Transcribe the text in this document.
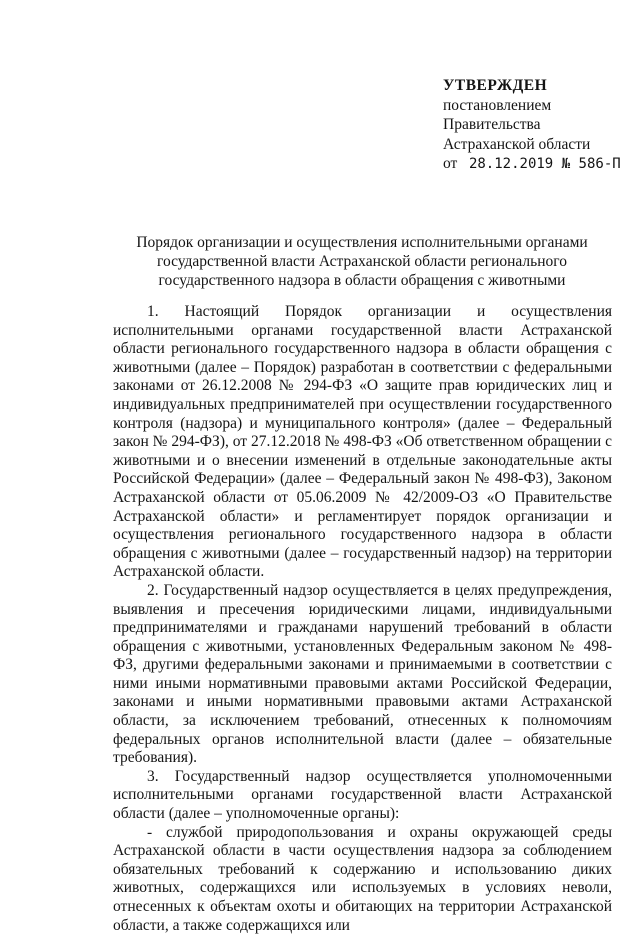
УТВЕРЖДЕН
постановлением
Правительства
Астраханской области
от 28.12.2019 № 586-П
Порядок организации и осуществления исполнительными органами государственной власти Астраханской области регионального государственного надзора в области обращения с животными

1. Настоящий Порядок организации и осуществления исполнительными органами государственной власти Астраханской области регионального государственного надзора в области обращения с животными (далее – Порядок) разработан в соответствии с федеральными законами от 26.12.2008 № 294-ФЗ «О защите прав юридических лиц и индивидуальных предпринимателей при осуществлении государственного контроля (надзора) и муниципального контроля» (далее – Федеральный закон № 294-ФЗ), от 27.12.2018 № 498-ФЗ «Об ответственном обращении с животными и о внесении изменений в отдельные законодательные акты Российской Федерации» (далее – Федеральный закон № 498-ФЗ), Законом Астраханской области от 05.06.2009 № 42/2009-ОЗ «О Правительстве Астраханской области» и регламентирует порядок организации и осуществления регионального государственного надзора в области обращения с животными (далее – государственный надзор) на территории Астраханской области.

2. Государственный надзор осуществляется в целях предупреждения, выявления и пресечения юридическими лицами, индивидуальными предпринимателями и гражданами нарушений требований в области обращения с животными, установленных Федеральным законом № 498-ФЗ, другими федеральными законами и принимаемыми в соответствии с ними иными нормативными правовыми актами Российской Федерации, законами и иными нормативными правовыми актами Астраханской области, за исключением требований, отнесенных к полномочиям федеральных органов исполнительной власти (далее – обязательные требования).

3. Государственный надзор осуществляется уполномоченными исполнительными органами государственной власти Астраханской области (далее – уполномоченные органы):

- службой природопользования и охраны окружающей среды Астраханской области в части осуществления надзора за соблюдением обязательных требований к содержанию и использованию диких животных, содержащихся или используемых в условиях неволи, отнесенных к объектам охоты и обитающих на территории Астраханской области, а также содержащихся или
